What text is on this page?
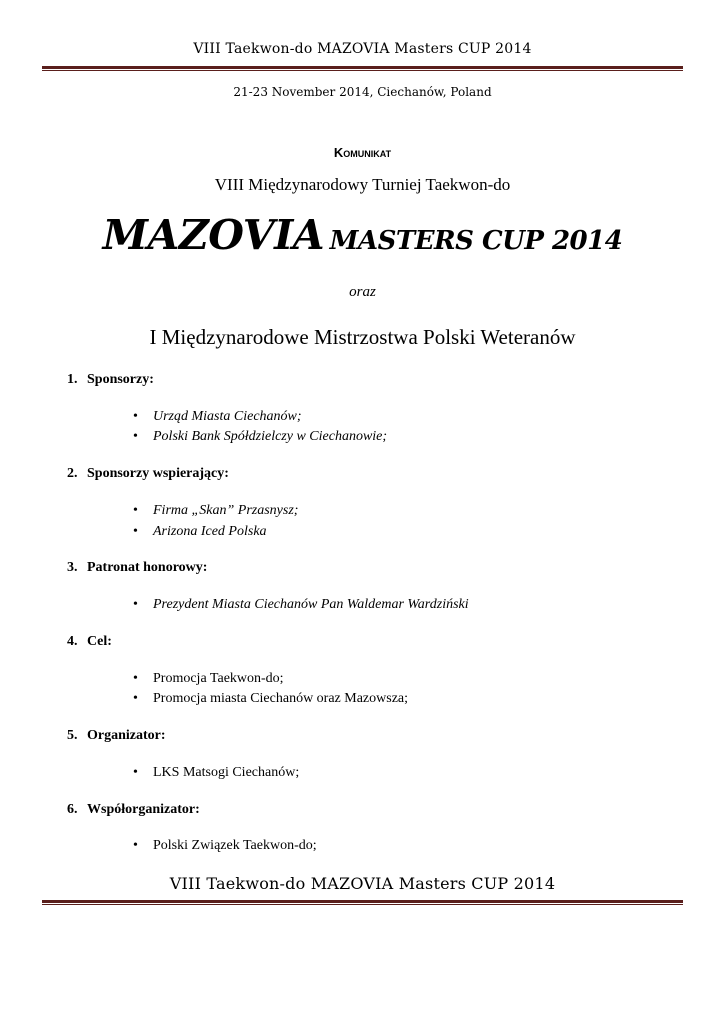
VIII Taekwon-do MAZOVIA Masters CUP 2014
21-23 November 2014, Ciechanów, Poland
Komunikat
VIII Międzynarodowy Turniej Taekwon-do
MAZOVIA MASTERS CUP 2014
oraz
I Międzynarodowe Mistrzostwa Polski Weteranów
1. Sponsorzy:
• Urząd Miasta Ciechanów;
• Polski Bank Spółdzielczy w Ciechanowie;
2. Sponsorzy wspierający:
• Firma „Skan” Przasnysz;
• Arizona Iced Polska
3. Patronat honorowy:
• Prezydent Miasta Ciechanów Pan Waldemar Wardziński
4. Cel:
• Promocja Taekwon-do;
• Promocja miasta Ciechanów oraz Mazowsza;
5. Organizator:
• LKS Matsogi Ciechanów;
6. Współorganizator:
• Polski Związek Taekwon-do;
VIII Taekwon-do MAZOVIA Masters CUP 2014
